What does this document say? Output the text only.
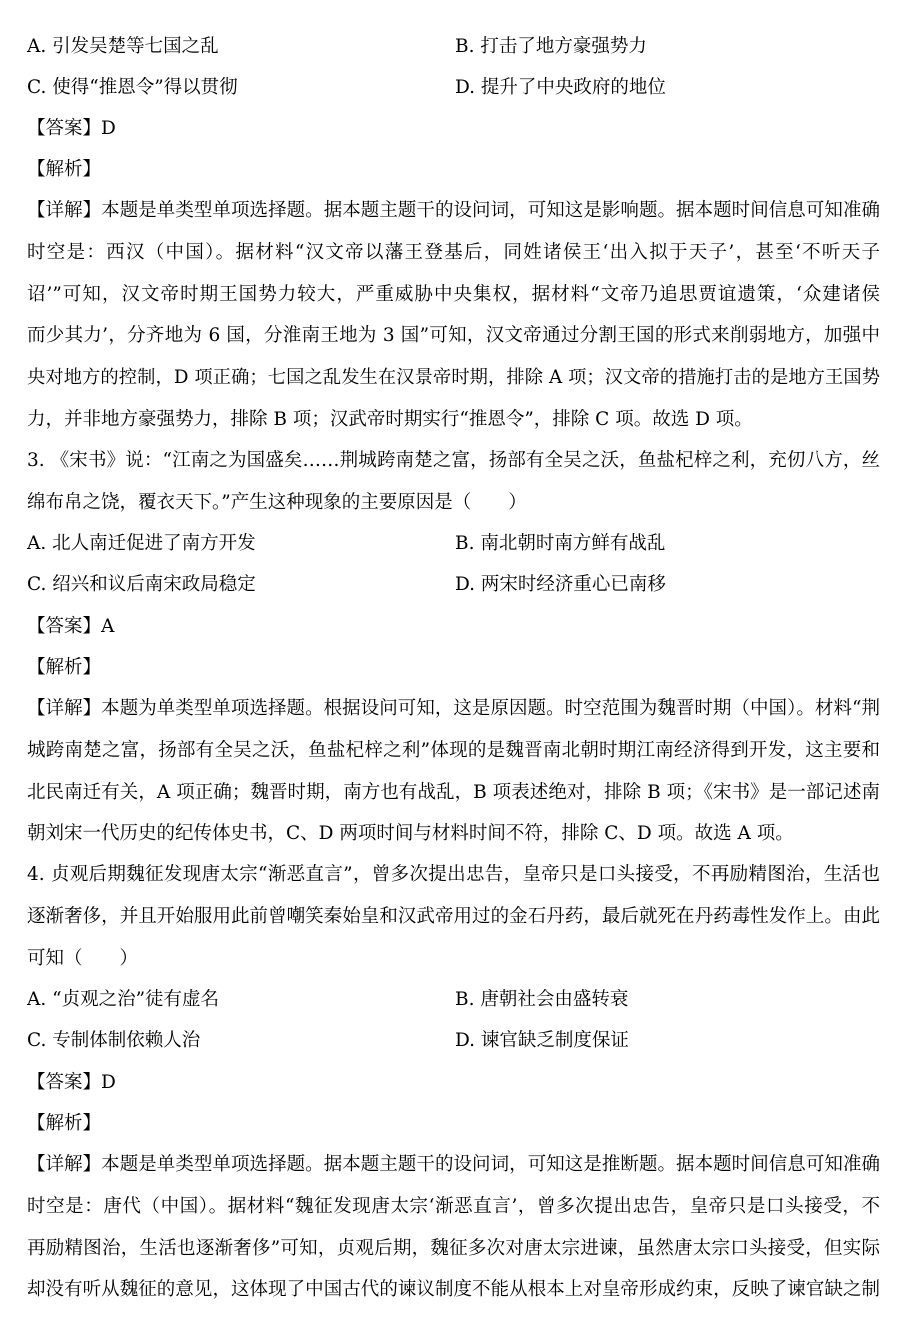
A. 引发吴楚等七国之乱	B. 打击了地方豪强势力
C. 使得“推恩令”得以贯彻	D. 提升了中央政府的地位
【答案】D
【解析】
【详解】本题是单类型单项选择题。据本题主题干的设问词，可知这是影响题。据本题时间信息可知准确
时空是：西汉（中国）。据材料“汉文帝以藩王登基后，同姓诸侯王‘出入拟于天子’，甚至‘不听天子
诏’”可知，汉文帝时期王国势力较大，严重威胁中央集权，据材料“文帝乃追思贾谊遗策，‘众建诸侯
而少其力’，分齐地为 6 国，分淮南王地为 3 国”可知，汉文帝通过分割王国的形式来削弱地方，加强中
央对地方的控制，D 项正确；七国之乱发生在汉景帝时期，排除 A 项；汉文帝的措施打击的是地方王国势
力，并非地方豪强势力，排除 B 项；汉武帝时期实行“推恩令”，排除 C 项。故选 D 项。
3. 《宋书》说：“江南之为国盛矣……荆城跨南楚之富，扬部有全吴之沃，鱼盐杞梓之利，充仞八方，丝
绵布帛之饶，覆衣天下。”产生这种现象的主要原因是（　　）
A. 北人南迁促进了南方开发	B. 南北朝时南方鲜有战乱
C. 绍兴和议后南宋政局稳定	D. 两宋时经济重心已南移
【答案】A
【解析】
【详解】本题为单类型单项选择题。根据设问可知，这是原因题。时空范围为魏晋时期（中国）。材料“荆
城跨南楚之富，扬部有全吴之沃，鱼盐杞梓之利”体现的是魏晋南北朝时期江南经济得到开发，这主要和
北民南迁有关，A 项正确；魏晋时期，南方也有战乱，B 项表述绝对，排除 B 项；《宋书》是一部记述南
朝刘宋一代历史的纪传体史书，C、D 两项时间与材料时间不符，排除 C、D 项。故选 A 项。
4. 贞观后期魏征发现唐太宗“渐恶直言”，曾多次提出忠告，皇帝只是口头接受，不再励精图治，生活也
逐渐奢侈，并且开始服用此前曾嘲笑秦始皇和汉武帝用过的金石丹药，最后就死在丹药毒性发作上。由此
可知（　　）
A. “贞观之治”徒有虚名	B. 唐朝社会由盛转衰
C. 专制体制依赖人治	D. 谏官缺乏制度保证
【答案】D
【解析】
【详解】本题是单类型单项选择题。据本题主题干的设问词，可知这是推断题。据本题时间信息可知准确
时空是：唐代（中国）。据材料“魏征发现唐太宗‘渐恶直言’，曾多次提出忠告，皇帝只是口头接受，不
再励精图治，生活也逐渐奢侈”可知，贞观后期，魏征多次对唐太宗进谏，虽然唐太宗口头接受，但实际
却没有听从魏征的意见，这体现了中国古代的谏议制度不能从根本上对皇帝形成约束，反映了谏官缺之制
